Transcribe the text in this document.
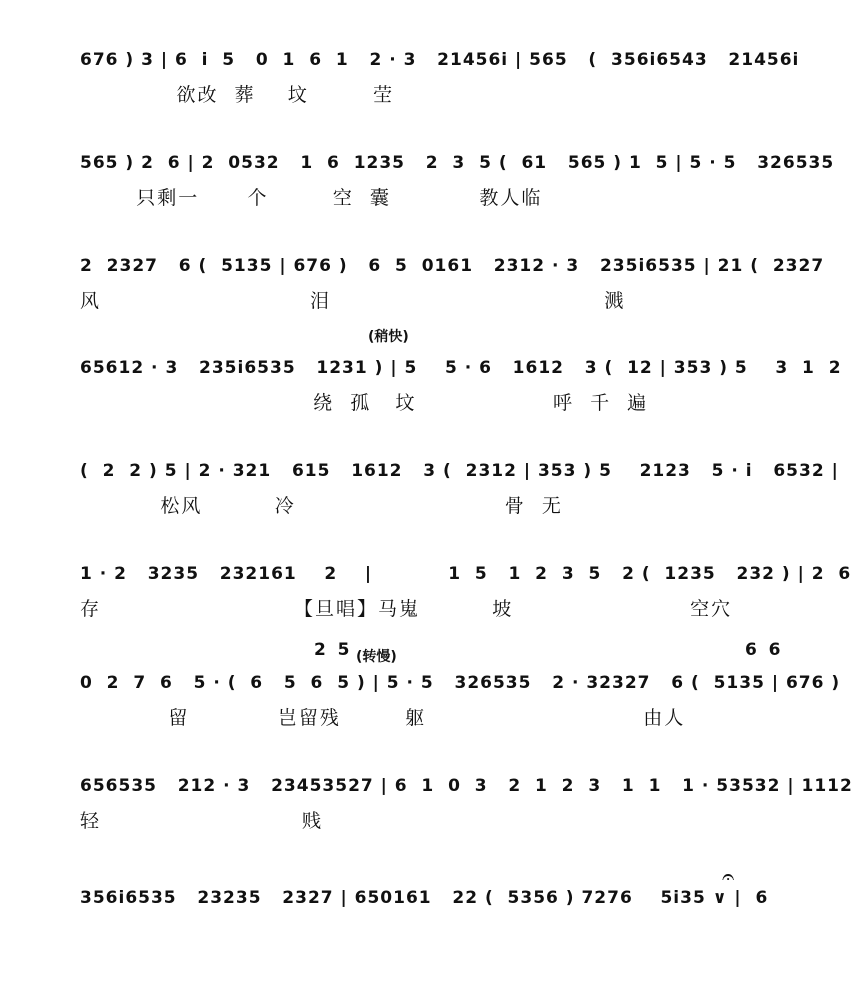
676 ) 3 | 6  i  5   0  1  6  1   2 · 3   21456i | 565   (  356i6543   21456i
欲改  葬    坟        茔
565 ) 2  6 | 2  0532   1  6  1235   2  3  5 (  61   565 ) 1  5 | 5 · 5   326535
只剩一      个        空  囊           教人临
2  2327   6 (  5135 | 676 )   6  5  0161   2312 · 3   235i6535 | 21 (  2327
风                          泪                                  溅
(稍快)
65612 · 3   235i6535   1231 ) | 5    5 · 6   1612   3 (  12 | 353 ) 5    3  1  2
绕  孤   坟                 呼  千  遍
(  2  2 ) 5 | 2 · 321   615   1612   3 (  2312 | 353 ) 5    2123   5 · i   6532 |
松风         冷                          骨  无
1 · 2   3235   232161    2    |           1  5   1  2  3  5   2 (  1235   232 ) | 2  6
存                        【旦唱】马嵬         坡                      空穴
2  5 (转慢)	6  6
0  2  7  6   5 · (  6   5  6  5 ) | 5 · 5   326535   2 · 32327   6 (  5135 | 676 )
留           岂留残        躯                           由人
656535   212 · 3   23453527 | 6  1  0  3   2  1  2  3   1  1   1 · 53532 | 1112
轻                         贱
𝄐
356i6535   23235   2327 | 650161   22 (  5356 ) 7276    5i35 ∨ |  6
